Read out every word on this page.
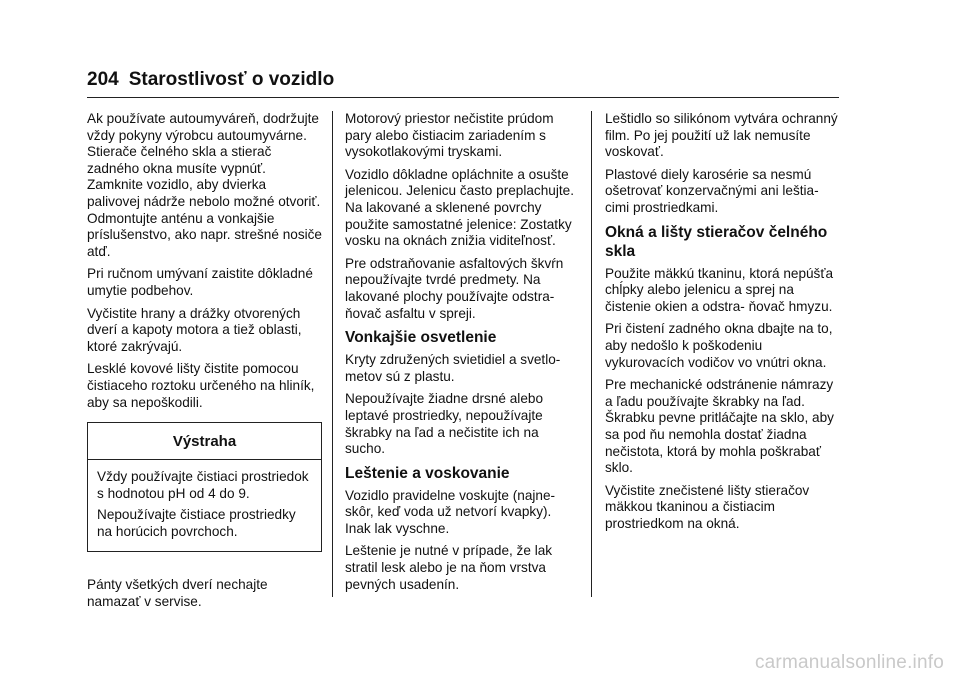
204 Starostlivosť o vozidlo

Ak používate autoumyváreň, dodržujte vždy pokyny výrobcu autoumyvárne. Stierače čelného skla a stierač zadného okna musíte vypnúť. Zamknite vozidlo, aby dvierka palivovej nádrže nebolo možné otvoriť. Odmontujte anténu a vonkajšie príslušenstvo, ako napr. strešné nosiče atď.

Pri ručnom umývaní zaistite dôkladné umytie podbehov.

Vyčistite hrany a drážky otvorených dverí a kapoty motora a tiež oblasti, ktoré zakrývajú.

Lesklé kovové lišty čistite pomocou čistiaceho roztoku určeného na hliník, aby sa nepoškodili.

Výstraha

Vždy používajte čistiaci prostriedok s hodnotou pH od 4 do 9.

Nepoužívajte čistiace prostriedky na horúcich povrchoch.

Pánty všetkých dverí nechajte namazať v servise.

Motorový priestor nečistite prúdom pary alebo čistiacim zariadením s vysokotlakovými tryskami.

Vozidlo dôkladne opláchnite a osušte jelenicou. Jelenicu často preplachujte. Na lakované a sklenené povrchy použite samostatné jelenice: Zostatky vosku na oknách znižia viditeľnosť.

Pre odstraňovanie asfaltových škvŕn nepoužívajte tvrdé predmety. Na lakované plochy používajte odstra- ňovač asfaltu v spreji.

Vonkajšie osvetlenie

Kryty združených svietidiel a svetlo- metov sú z plastu.

Nepoužívajte žiadne drsné alebo leptavé prostriedky, nepoužívajte škrabky na ľad a nečistite ich na sucho.

Leštenie a voskovanie

Vozidlo pravidelne voskujte (najne- skôr, keď voda už netvorí kvapky). Inak lak vyschne.

Leštenie je nutné v prípade, že lak stratil lesk alebo je na ňom vrstva pevných usadenín.

Leštidlo so silikónom vytvára ochranný film. Po jej použití už lak nemusíte voskovať.

Plastové diely karosérie sa nesmú ošetrovať konzervačnými ani leštia- cimi prostriedkami.

Okná a lišty stieračov čelného skla

Použite mäkkú tkaninu, ktorá nepúšťa chĺpky alebo jelenicu a sprej na čistenie okien a odstra- ňovač hmyzu.

Pri čistení zadného okna dbajte na to, aby nedošlo k poškodeniu vykurovacích vodičov vo vnútri okna.

Pre mechanické odstránenie námrazy a ľadu používajte škrabky na ľad. Škrabku pevne pritláčajte na sklo, aby sa pod ňu nemohla dostať žiadna nečistota, ktorá by mohla poškrabať sklo.

Vyčistite znečistené lišty stieračov mäkkou tkaninou a čistiacim prostriedkom na okná.

carmanualsonline.info
